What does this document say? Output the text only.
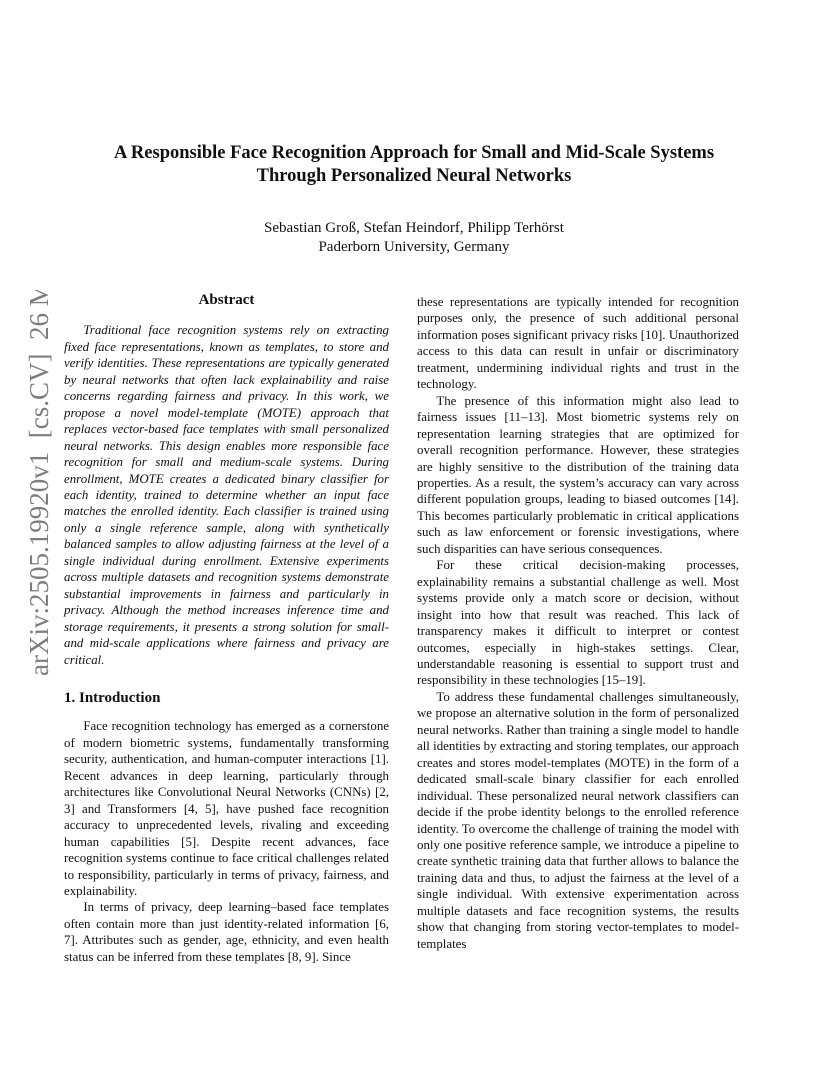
arXiv:2505.19920v1  [cs.CV]  26 May 2025
A Responsible Face Recognition Approach for Small and Mid-Scale Systems
Through Personalized Neural Networks
Sebastian Groß, Stefan Heindorf, Philipp Terhörst
Paderborn University, Germany
Abstract

Traditional face recognition systems rely on extracting fixed face representations, known as templates, to store and verify identities. These representations are typically generated by neural networks that often lack explainability and raise concerns regarding fairness and privacy. In this work, we propose a novel model-template (MOTE) approach that replaces vector-based face templates with small personalized neural networks. This design enables more responsible face recognition for small and medium-scale systems. During enrollment, MOTE creates a dedicated binary classifier for each identity, trained to determine whether an input face matches the enrolled identity. Each classifier is trained using only a single reference sample, along with synthetically balanced samples to allow adjusting fairness at the level of a single individual during enrollment. Extensive experiments across multiple datasets and recognition systems demonstrate substantial improvements in fairness and particularly in privacy. Although the method increases inference time and storage requirements, it presents a strong solution for small- and mid-scale applications where fairness and privacy are critical.

1. Introduction

Face recognition technology has emerged as a cornerstone of modern biometric systems, fundamentally transforming security, authentication, and human-computer interactions [1]. Recent advances in deep learning, particularly through architectures like Convolutional Neural Networks (CNNs) [2, 3] and Transformers [4, 5], have pushed face recognition accuracy to unprecedented levels, rivaling and exceeding human capabilities [5]. Despite recent advances, face recognition systems continue to face critical challenges related to responsibility, particularly in terms of privacy, fairness, and explainability.

In terms of privacy, deep learning–based face templates often contain more than just identity-related information [6, 7]. Attributes such as gender, age, ethnicity, and even health status can be inferred from these templates [8, 9]. Since

these representations are typically intended for recognition purposes only, the presence of such additional personal information poses significant privacy risks [10]. Unauthorized access to this data can result in unfair or discriminatory treatment, undermining individual rights and trust in the technology.

The presence of this information might also lead to fairness issues [11–13]. Most biometric systems rely on representation learning strategies that are optimized for overall recognition performance. However, these strategies are highly sensitive to the distribution of the training data properties. As a result, the system’s accuracy can vary across different population groups, leading to biased outcomes [14]. This becomes particularly problematic in critical applications such as law enforcement or forensic investigations, where such disparities can have serious consequences.

For these critical decision-making processes, explainability remains a substantial challenge as well. Most systems provide only a match score or decision, without insight into how that result was reached. This lack of transparency makes it difficult to interpret or contest outcomes, especially in high-stakes settings. Clear, understandable reasoning is essential to support trust and responsibility in these technologies [15–19].

To address these fundamental challenges simultaneously, we propose an alternative solution in the form of personalized neural networks. Rather than training a single model to handle all identities by extracting and storing templates, our approach creates and stores model-templates (MOTE) in the form of a dedicated small-scale binary classifier for each enrolled individual. These personalized neural network classifiers can decide if the probe identity belongs to the enrolled reference identity. To overcome the challenge of training the model with only one positive reference sample, we introduce a pipeline to create synthetic training data that further allows to balance the training data and thus, to adjust the fairness at the level of a single individual. With extensive experimentation across multiple datasets and face recognition systems, the results show that changing from storing vector-templates to model-templates
